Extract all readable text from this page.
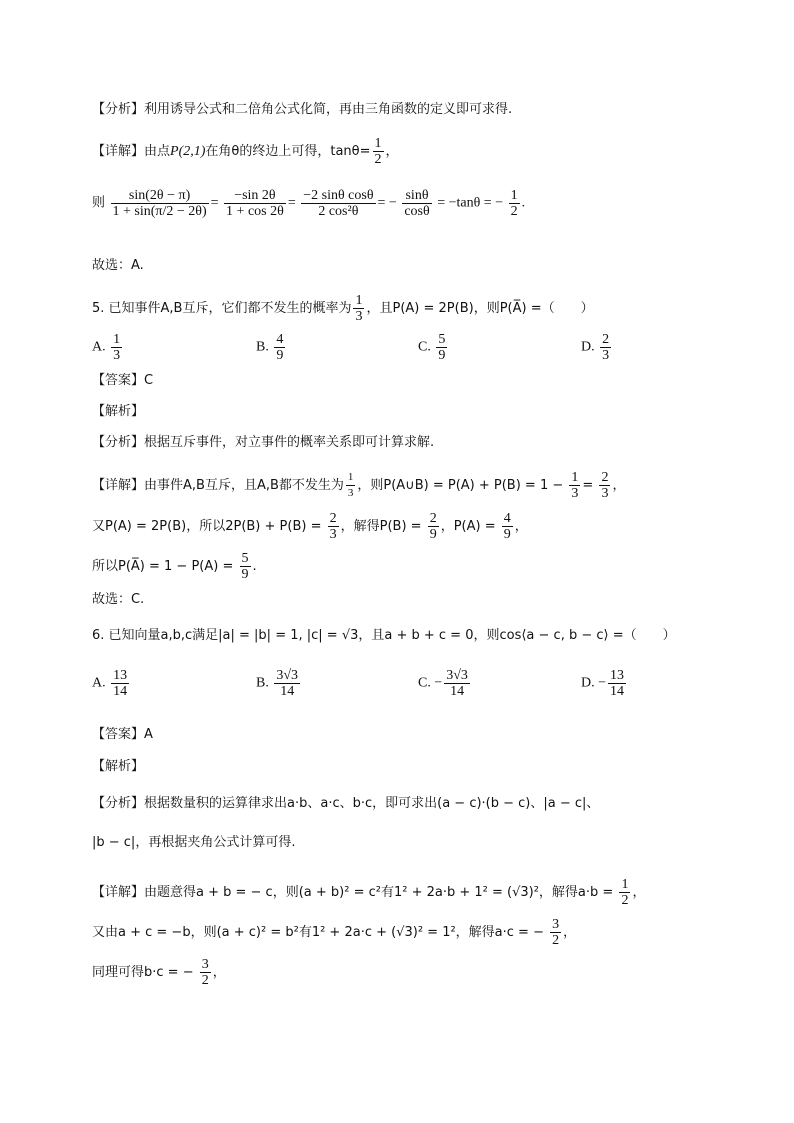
【分析】利用诱导公式和二倍角公式化简，再由三角函数的定义即可求得.
【详解】由点P(2,1)在角θ的终边上可得，$\tan\theta= \frac{1}{2}$ ，
则 $\frac{\sin(2\theta - \pi)}{1 + \sin(\pi/2 - 2\theta)} = \frac{-\sin 2\theta}{1 + \cos 2\theta} = \frac{\text{−2 sinθ cosθ}}{\text{2 cos²θ}}$ = − $\frac{\sin\theta}{\cos\theta} = -\tan\theta$ = − $\frac{1}{2}$ .
故选：A.
5. 已知事件A,B互斥，它们都不发生的概率为 $\frac{1}{3}$ ，且P(A) = 2P(B)，则P(A̅) =（　　）
A. $\frac{1}{3}$	B. $\frac{4}{9}$	C. $\frac{5}{9}$	D. $\frac{2}{3}$
【答案】C
【解析】
【分析】根据互斥事件，对立事件的概率关系即可计算求解.
【详解】由事件A,B互斥，且A,B都不发生为 $\frac{1}{3}$ ，则P(A∪B) = $P(A) + P(B) = 1 - \frac{1}{3} = \frac{2}{3}$ ，
又P(A) = 2P(B)，所以$2P(B) + P(B) = \frac{2}{3}$ ，解得$P(B) = \frac{2}{9}$ ，$P(A) = \frac{4}{9}$ ，
所以P(A̅) = $1 - P(A) = \frac{5}{9}$ .
故选：C.
6. 已知向量a,b,c满足|a| = |b| = 1, |c| = √3，且a + b + c = 0，则cos⟨a − c, b − c⟩ =（　　）
A. $\frac{13}{14}$	B. $\frac{3√3}{14}$	C. − $\frac{3√3}{14}$	D. − $\frac{13}{14}$
【答案】A
【解析】
【分析】根据数量积的运算律求出a·b、a·c、b·c，即可求出(a − c)·(b − c)、|a − c|、
|b − c|，再根据夹角公式计算可得.
【详解】由题意得a + b = − c，则(a + b)² = c²有1² + 2a·b + 1² = (√3)²，解得$a\cdot b = \frac{1}{2}$ ，
又由a + c = −b，则(a + c)² = b²有1² + 2a·c + (√3)² = 1²，解得a·c = − $\frac{3}{2}$ ，
同理可得b·c = − $\frac{3}{2}$ ，
